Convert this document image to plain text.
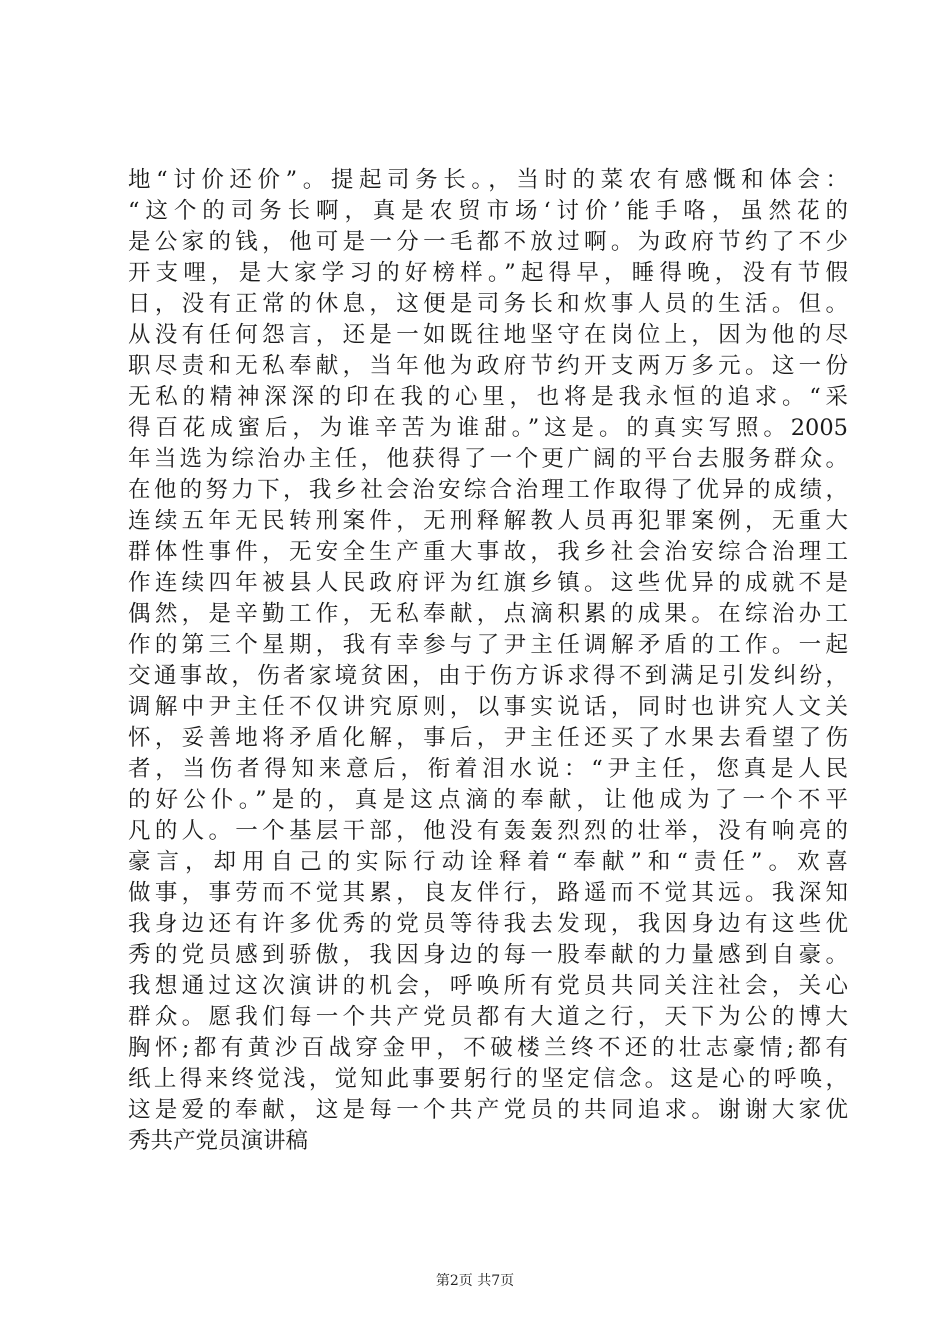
地“讨价还价”。提起司务长。，当时的菜农有感慨和体会：
“这个的司务长啊，真是农贸市场‘讨价’能手咯，虽然花的
是公家的钱，他可是一分一毛都不放过啊。为政府节约了不少
开支哩，是大家学习的好榜样。”起得早，睡得晚，没有节假
日，没有正常的休息，这便是司务长和炊事人员的生活。但。
从没有任何怨言，还是一如既往地坚守在岗位上，因为他的尽
职尽责和无私奉献，当年他为政府节约开支两万多元。这一份
无私的精神深深的印在我的心里，也将是我永恒的追求。“采
得百花成蜜后，为谁辛苦为谁甜。”这是。的真实写照。2005
年当选为综治办主任，他获得了一个更广阔的平台去服务群众。
在他的努力下，我乡社会治安综合治理工作取得了优异的成绩，
连续五年无民转刑案件，无刑释解教人员再犯罪案例，无重大
群体性事件，无安全生产重大事故，我乡社会治安综合治理工
作连续四年被县人民政府评为红旗乡镇。这些优异的成就不是
偶然，是辛勤工作，无私奉献，点滴积累的成果。在综治办工
作的第三个星期，我有幸参与了尹主任调解矛盾的工作。一起
交通事故，伤者家境贫困，由于伤方诉求得不到满足引发纠纷，
调解中尹主任不仅讲究原则，以事实说话，同时也讲究人文关
怀，妥善地将矛盾化解，事后，尹主任还买了水果去看望了伤
者，当伤者得知来意后，衔着泪水说：“尹主任，您真是人民
的好公仆。”是的，真是这点滴的奉献，让他成为了一个不平
凡的人。一个基层干部，他没有轰轰烈烈的壮举，没有响亮的
豪言，却用自己的实际行动诠释着“奉献”和“责任”。欢喜
做事，事劳而不觉其累，良友伴行，路遥而不觉其远。我深知
我身边还有许多优秀的党员等待我去发现，我因身边有这些优
秀的党员感到骄傲，我因身边的每一股奉献的力量感到自豪。
我想通过这次演讲的机会，呼唤所有党员共同关注社会，关心
群众。愿我们每一个共产党员都有大道之行，天下为公的博大
胸怀;都有黄沙百战穿金甲，不破楼兰终不还的壮志豪情;都有
纸上得来终觉浅，觉知此事要躬行的坚定信念。这是心的呼唤，
这是爱的奉献，这是每一个共产党员的共同追求。谢谢大家优
秀共产党员演讲稿
第2页 共7页
